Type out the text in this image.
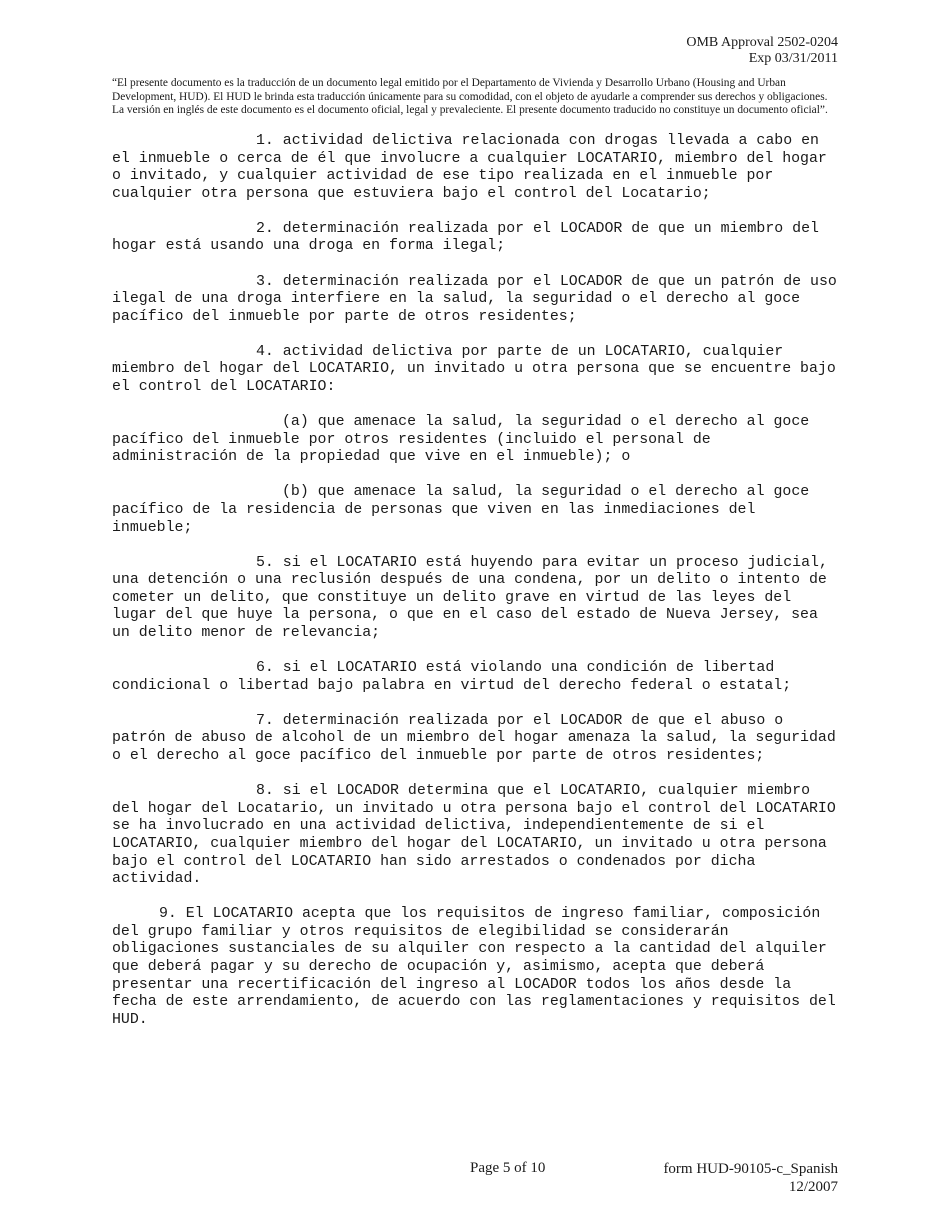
OMB Approval 2502-0204
Exp 03/31/2011
“El presente documento es la traducción de un documento legal emitido por el Departamento de Vivienda y Desarrollo Urbano (Housing and Urban Development, HUD). El HUD le brinda esta traducción únicamente para su comodidad, con el objeto de ayudarle a comprender sus derechos y obligaciones. La versión en inglés de este documento es el documento oficial, legal y prevaleciente. El presente documento traducido no constituye un documento oficial”.

1. actividad delictiva relacionada con drogas llevada a cabo en el inmueble o cerca de él que involucre a cualquier LOCATARIO, miembro del hogar o invitado, y cualquier actividad de ese tipo realizada en el inmueble por cualquier otra persona que estuviera bajo el control del Locatario;

2. determinación realizada por el LOCADOR de que un miembro del hogar está usando una droga en forma ilegal;

3. determinación realizada por el LOCADOR de que un patrón de uso ilegal de una droga interfiere en la salud, la seguridad o el derecho al goce pacífico del inmueble por parte de otros residentes;

4. actividad delictiva por parte de un LOCATARIO, cualquier miembro del hogar del LOCATARIO, un invitado u otra persona que se encuentre bajo el control del LOCATARIO:

(a) que amenace la salud, la seguridad o el derecho al goce pacífico del inmueble por otros residentes (incluido el personal de administración de la propiedad que vive en el inmueble); o

(b) que amenace la salud, la seguridad o el derecho al goce pacífico de la residencia de personas que viven en las inmediaciones del inmueble;

5. si el LOCATARIO está huyendo para evitar un proceso judicial, una detención o una reclusión después de una condena, por un delito o intento de cometer un delito, que constituye un delito grave en virtud de las leyes del lugar del que huye la persona, o que en el caso del estado de Nueva Jersey, sea un delito menor de relevancia;

6. si el LOCATARIO está violando una condición de libertad condicional o libertad bajo palabra en virtud del derecho federal o estatal;

7. determinación realizada por el LOCADOR de que el abuso o patrón de abuso de alcohol de un miembro del hogar amenaza la salud, la seguridad o el derecho al goce pacífico del inmueble por parte de otros residentes;

8. si el LOCADOR determina que el LOCATARIO, cualquier miembro del hogar del Locatario, un invitado u otra persona bajo el control del LOCATARIO se ha involucrado en una actividad delictiva, independientemente de si el LOCATARIO, cualquier miembro del hogar del LOCATARIO, un invitado u otra persona bajo el control del LOCATARIO han sido arrestados o condenados por dicha actividad.

9. El LOCATARIO acepta que los requisitos de ingreso familiar, composición del grupo familiar y otros requisitos de elegibilidad se considerarán obligaciones sustanciales de su alquiler con respecto a la cantidad del alquiler que deberá pagar y su derecho de ocupación y, asimismo, acepta que deberá presentar una recertificación del ingreso al LOCADOR todos los años desde la fecha de este arrendamiento, de acuerdo con las reglamentaciones y requisitos del HUD.

Page 5 of 10	form HUD-90105-c_Spanish
12/2007
